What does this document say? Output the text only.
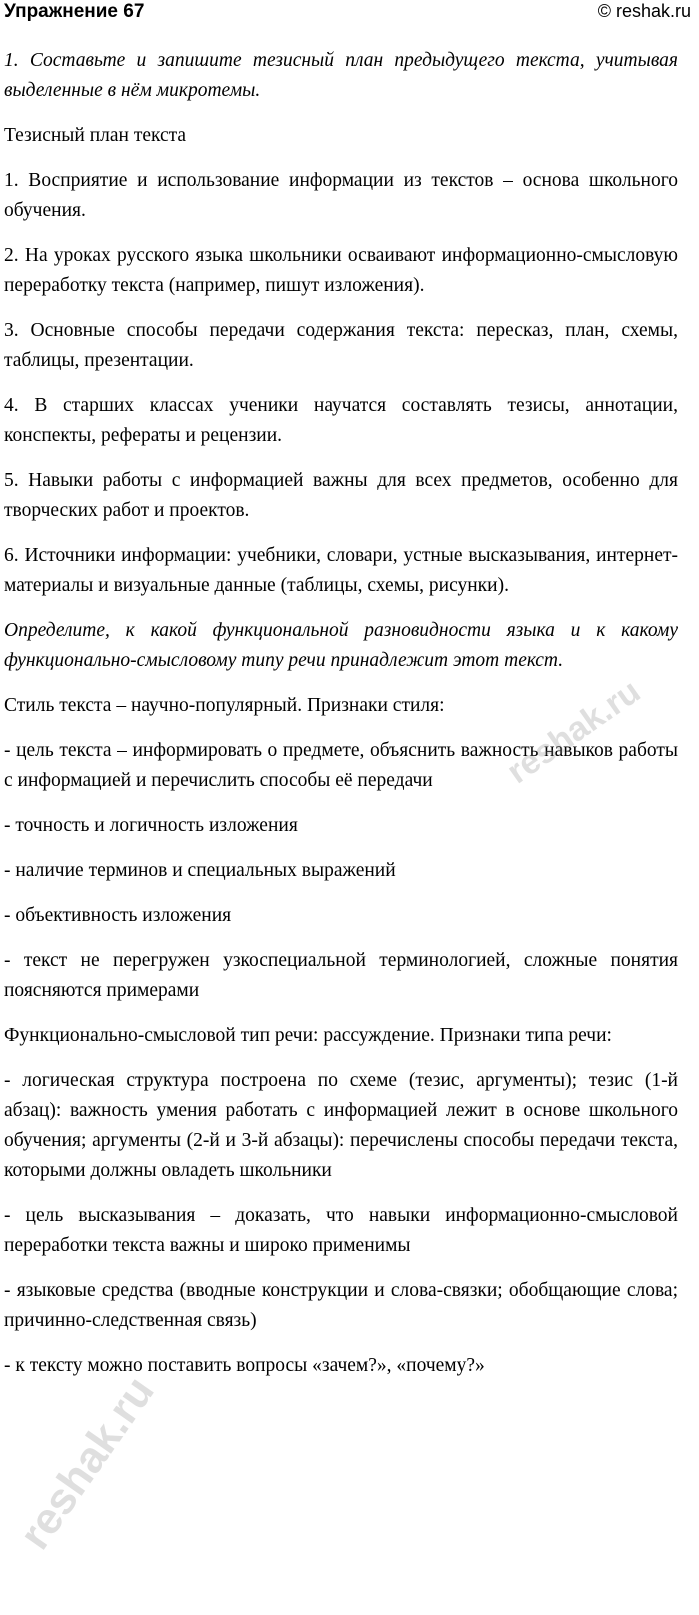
Упражнение 67	© reshak.ru

1. Составьте и запишите тезисный план предыдущего текста, учитывая выделенные в нём микротемы.

Тезисный план текста

1. Восприятие и использование информации из текстов – основа школьного обучения.

2. На уроках русского языка школьники осваивают информационно-смысловую переработку текста (например, пишут изложения).

3. Основные способы передачи содержания текста: пересказ, план, схемы, таблицы, презентации.

4. В старших классах ученики научатся составлять тезисы, аннотации, конспекты, рефераты и рецензии.

5. Навыки работы с информацией важны для всех предметов, особенно для творческих работ и проектов.

6. Источники информации: учебники, словари, устные высказывания, интернет-материалы и визуальные данные (таблицы, схемы, рисунки).

Определите, к какой функциональной разновидности языка и к какому функционально-смысловому типу речи принадлежит этот текст.

Стиль текста – научно-популярный. Признаки стиля:

- цель текста – информировать о предмете, объяснить важность навыков работы с информацией и перечислить способы её передачи

- точность и логичность изложения

- наличие терминов и специальных выражений

- объективность изложения

- текст не перегружен узкоспециальной терминологией, сложные понятия поясняются примерами

Функционально-смысловой тип речи: рассуждение. Признаки типа речи:

- логическая структура построена по схеме (тезис, аргументы); тезис (1-й абзац): важность умения работать с информацией лежит в основе школьного обучения; аргументы (2-й и 3-й абзацы): перечислены способы передачи текста, которыми должны овладеть школьники

- цель высказывания – доказать, что навыки информационно-смысловой переработки текста важны и широко применимы

- языковые средства (вводные конструкции и слова-связки; обобщающие слова; причинно-следственная связь)

- к тексту можно поставить вопросы «зачем?», «почему?»

reshak.ru
reshak.ru
